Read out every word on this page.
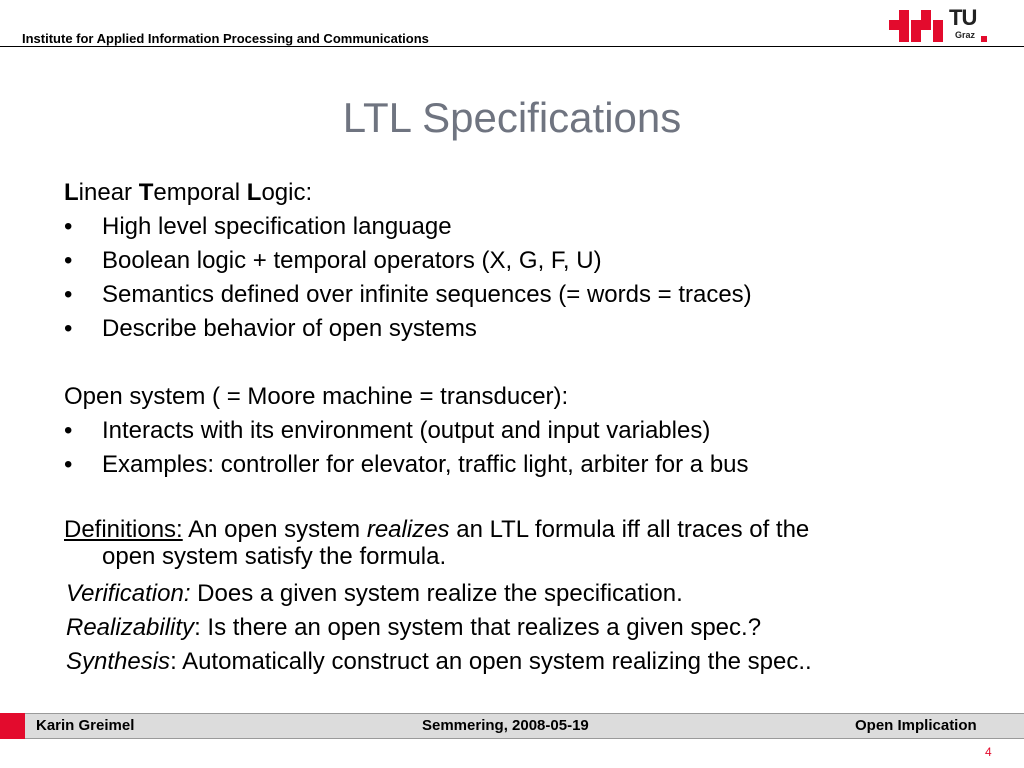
Institute for Applied Information Processing and Communications
TU
Graz
LTL Specifications
Linear Temporal Logic:
• High level specification language
• Boolean logic + temporal operators (X, G, F, U)
• Semantics defined over infinite sequences (= words = traces)
• Describe behavior of open systems
Open system ( = Moore machine = transducer):
• Interacts with its environment (output and input variables)
• Examples: controller for elevator, traffic light, arbiter for a bus
Definitions: An open system realizes an LTL formula iff all traces of the
open system satisfy the formula.
Verification: Does a given system realize the specification.
Realizability: Is there an open system that realizes a given spec.?
Synthesis: Automatically construct an open system realizing the spec..
Karin Greimel	Semmering, 2008-05-19	Open Implication
4
